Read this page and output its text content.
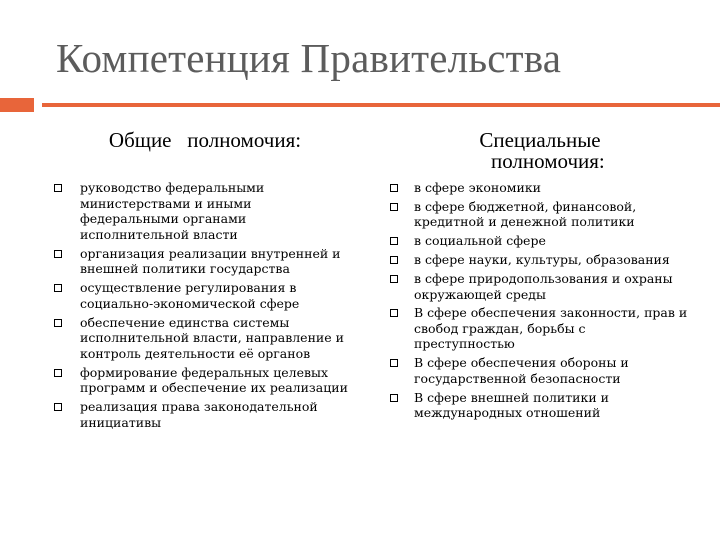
Компетенция Правительства
Общие   полномочия:	Специальные
полномочия:
руководство федеральными министерствами и иными федеральными органами исполнительной власти
организация реализации внутренней и внешней политики государства
осуществление регулирования в социально-экономической сфере
обеспечение единства системы исполнительной власти, направление и контроль деятельности её органов
формирование федеральных целевых программ и обеспечение их реализации
реализация права законодательной инициативы
в сфере экономики
в сфере бюджетной, финансовой, кредитной и денежной политики
в социальной сфере
в сфере науки, культуры, образования
в сфере природопользования и охраны окружающей среды
В сфере обеспечения законности, прав и свобод граждан, борьбы с преступностью
В сфере обеспечения обороны и государственной безопасности
В сфере внешней политики и международных отношений
